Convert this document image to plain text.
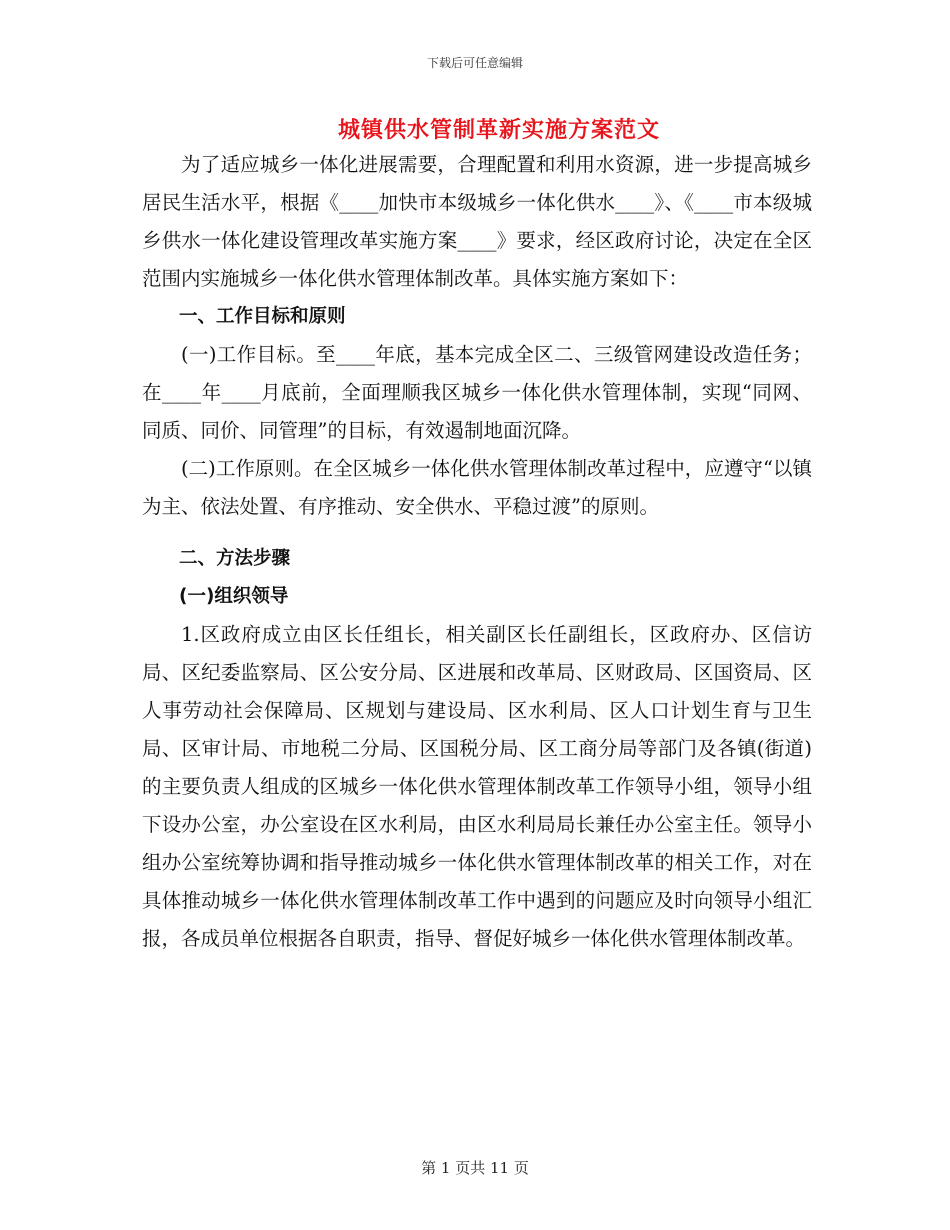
下载后可任意编辑
城镇供水管制革新实施方案范文

为了适应城乡一体化进展需要，合理配置和利用水资源，进一步提高城乡居民生活水平，根据《____加快市本级城乡一体化供水____》、《____市本级城乡供水一体化建设管理改革实施方案____》要求，经区政府讨论，决定在全区范围内实施城乡一体化供水管理体制改革。具体实施方案如下：

一、工作目标和原则

(一)工作目标。至____年底，基本完成全区二、三级管网建设改造任务；在____年____月底前，全面理顺我区城乡一体化供水管理体制，实现“同网、同质、同价、同管理”的目标，有效遏制地面沉降。

(二)工作原则。在全区城乡一体化供水管理体制改革过程中，应遵守“以镇为主、依法处置、有序推动、安全供水、平稳过渡”的原则。

二、方法步骤

(一)组织领导

1.区政府成立由区长任组长，相关副区长任副组长，区政府办、区信访局、区纪委监察局、区公安分局、区进展和改革局、区财政局、区国资局、区人事劳动社会保障局、区规划与建设局、区水利局、区人口计划生育与卫生局、区审计局、市地税二分局、区国税分局、区工商分局等部门及各镇(街道)的主要负责人组成的区城乡一体化供水管理体制改革工作领导小组，领导小组下设办公室，办公室设在区水利局，由区水利局局长兼任办公室主任。领导小组办公室统筹协调和指导推动城乡一体化供水管理体制改革的相关工作，对在具体推动城乡一体化供水管理体制改革工作中遇到的问题应及时向领导小组汇报，各成员单位根据各自职责，指导、督促好城乡一体化供水管理体制改革。

第 1 页共 11 页
